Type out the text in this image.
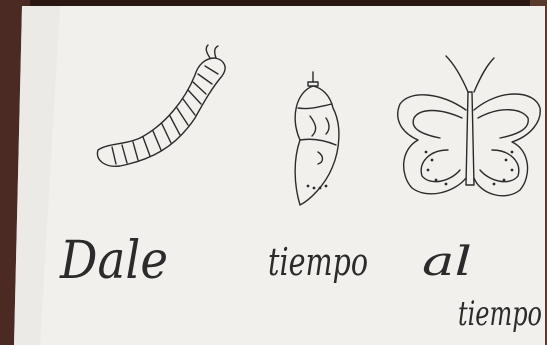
Dale	tiempo al
tiempo
